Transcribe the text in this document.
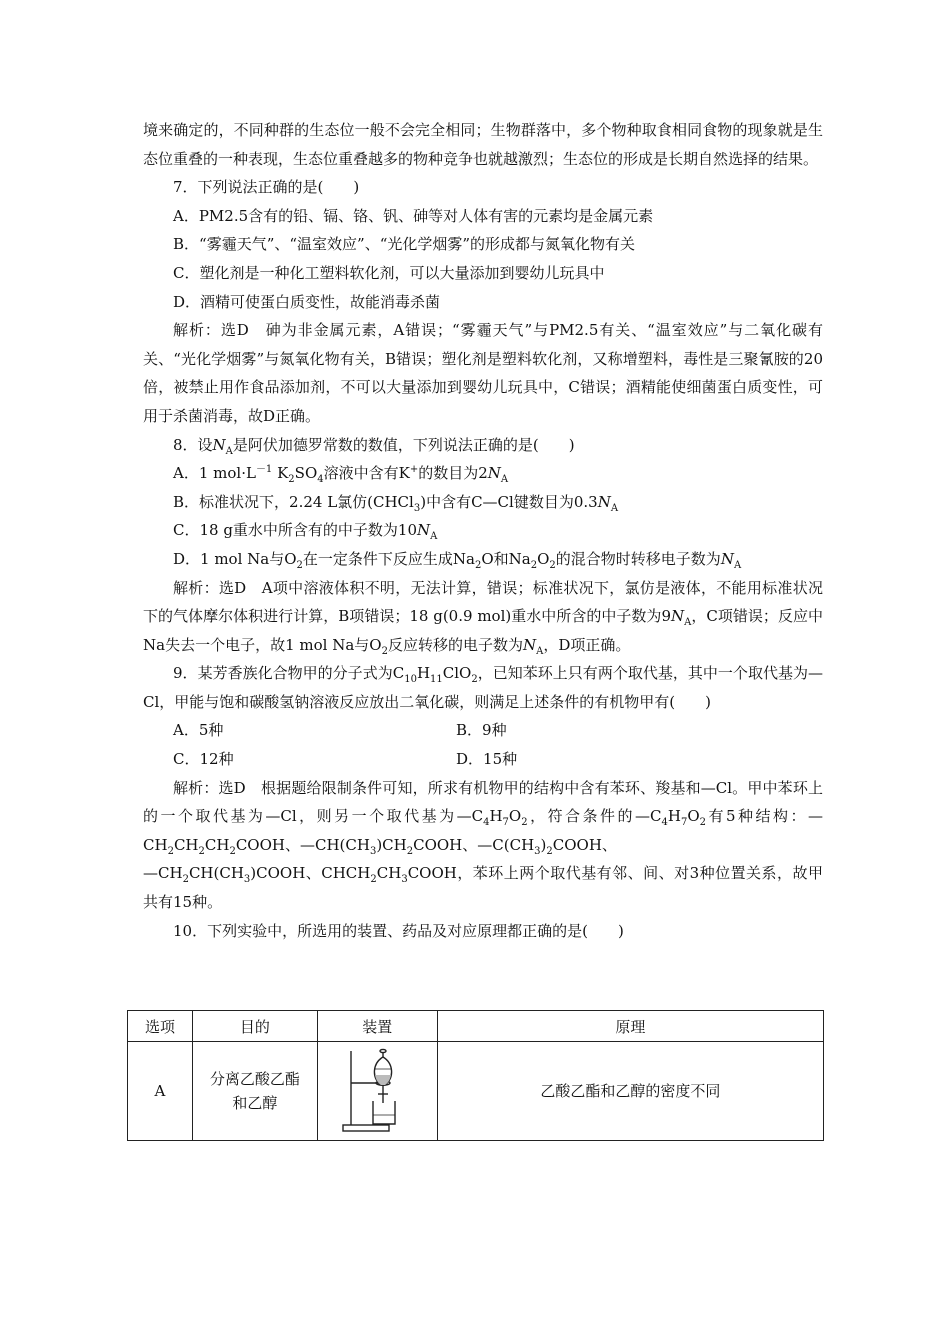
境来确定的，不同种群的生态位一般不会完全相同；生物群落中，多个物种取食相同食物的现象就是生态位重叠的一种表现，生态位重叠越多的物种竞争也就越激烈；生态位的形成是长期自然选择的结果。

7．下列说法正确的是(　　)

A．PM2.5含有的铅、镉、铬、钒、砷等对人体有害的元素均是金属元素

B．“雾霾天气”、“温室效应”、“光化学烟雾”的形成都与氮氧化物有关

C．塑化剂是一种化工塑料软化剂，可以大量添加到婴幼儿玩具中

D．酒精可使蛋白质变性，故能消毒杀菌

解析：选D　砷为非金属元素，A错误；“雾霾天气”与PM2.5有关、“温室效应”与二氧化碳有关、“光化学烟雾”与氮氧化物有关，B错误；塑化剂是塑料软化剂，又称增塑料，毒性是三聚氰胺的20倍，被禁止用作食品添加剂，不可以大量添加到婴幼儿玩具中，C错误；酒精能使细菌蛋白质变性，可用于杀菌消毒，故D正确。

8．设$N_A$是阿伏加德罗常数的数值，下列说法正确的是(　　)

A．1 $mol\cdot L^{-1}$ $K_2SO_4$溶液中含有K+的数目为$2N_A$

B．标准状况下，2.24 L氯仿(CHCl$_3$)中含有C—Cl键数目为$0.3N_A$

C．18 g重水中所含有的中子数为$10N_A$

D．1 mol Na与$O_2$在一定条件下反应生成$Na_2O$和$Na_2O_2$的混合物时转移电子数为$N_A$

解析：选D　A项中溶液体积不明，无法计算，错误；标准状况下，氯仿是液体，不能用标准状况下的气体摩尔体积进行计算，B项错误；18 g(0.9 mol)重水中所含的中子数为$9N_A$，C项错误；反应中Na失去一个电子，故1 mol Na与$O_2$反应转移的电子数为$N_A$，D项正确。

9．某芳香族化合物甲的分子式为$C_{10}H_{11}ClO_2$，已知苯环上只有两个取代基，其中一个取代基为—Cl，甲能与饱和碳酸氢钠溶液反应放出二氧化碳，则满足上述条件的有机物甲有(　　)

A．5种	B．9种
C．12种	D．15种

解析：选D　根据题给限制条件可知，所求有机物甲的结构中含有苯环、羧基和—Cl。甲中苯环上的一个取代基为—Cl，则另一个取代基为$—C_4H_7O_2$，符合条件的$—C_4H_7O_2$有5种结构：$—CH_2CH_2CH_2COOH$、$—CH(CH_3)CH_2COOH$、$—C(CH_3)_2COOH$、

$—CH_2CH(CH_3)COOH$、$CHCH_2CH_3COOH$，苯环上两个取代基有邻、间、对3种位置关系，故甲共有15种。

10．下列实验中，所选用的装置、药品及对应原理都正确的是(　　)

选项	目的	装置	原理
A	分离乙酸乙酯和乙醇		乙酸乙酯和乙醇的密度不同
